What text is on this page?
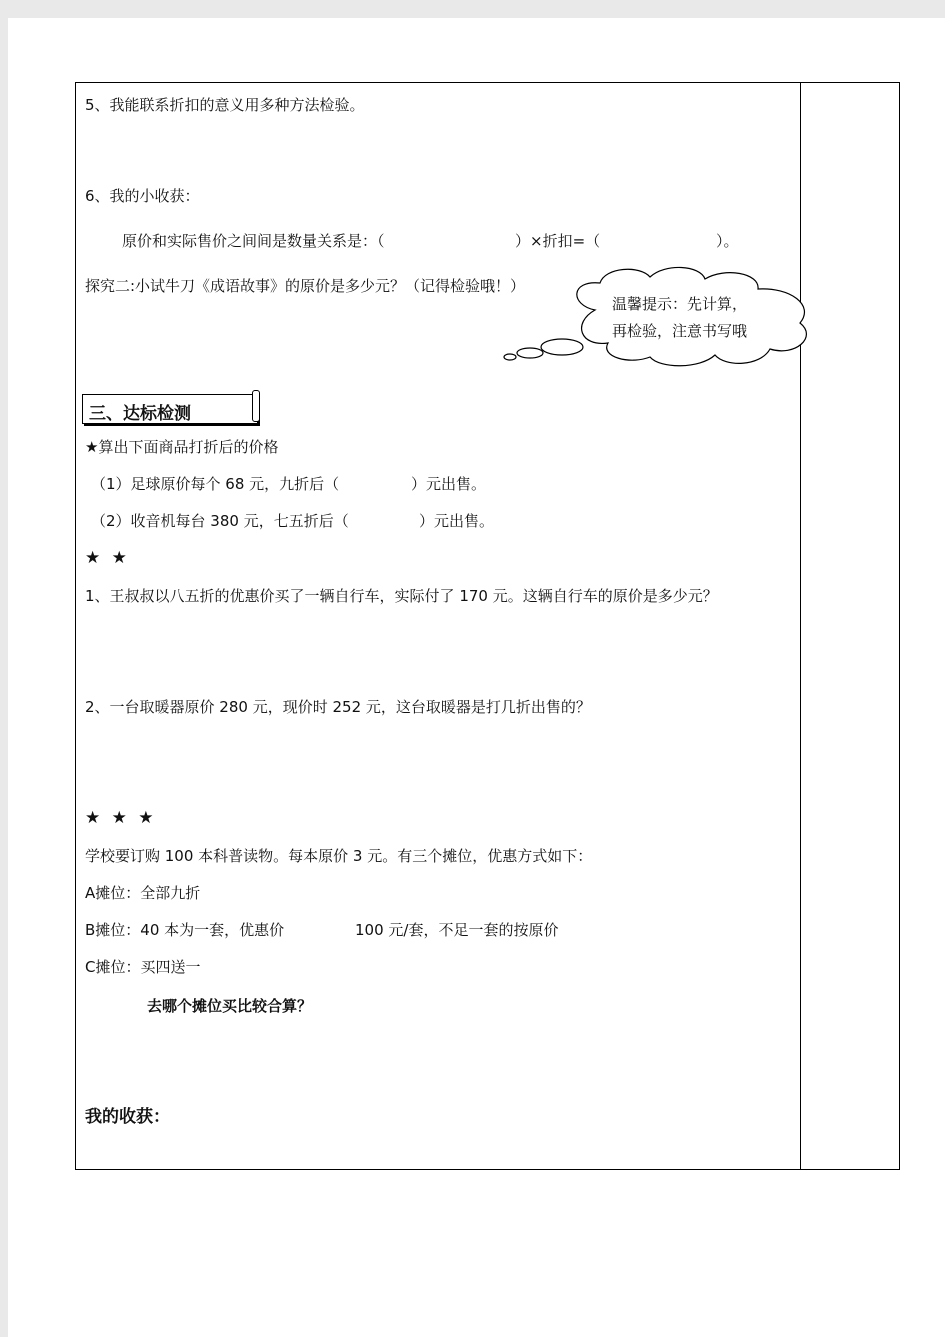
5、我能联系折扣的意义用多种方法检验。
6、我的小收获：
原价和实际售价之间间是数量关系是：（	）×折扣=（	）。
探究二:小试牛刀《成语故事》的原价是多少元？（记得检验哦！）
温馨提示：先计算，
再检验，注意书写哦
三、达标检测
★算出下面商品打折后的价格
（1）足球原价每个 68 元，九折后（	）元出售。
（2）收音机每台 380 元，七五折后（	）元出售。
★ ★
1、王叔叔以八五折的优惠价买了一辆自行车，实际付了 170 元。这辆自行车的原价是多少元？
2、一台取暖器原价 280 元，现价时 252 元，这台取暖器是打几折出售的？
★ ★ ★
学校要订购 100 本科普读物。每本原价 3 元。有三个摊位，优惠方式如下：
A摊位：全部九折
B摊位：40 本为一套，优惠价	100 元/套，不足一套的按原价
C摊位：买四送一
去哪个摊位买比较合算？
我的收获：
